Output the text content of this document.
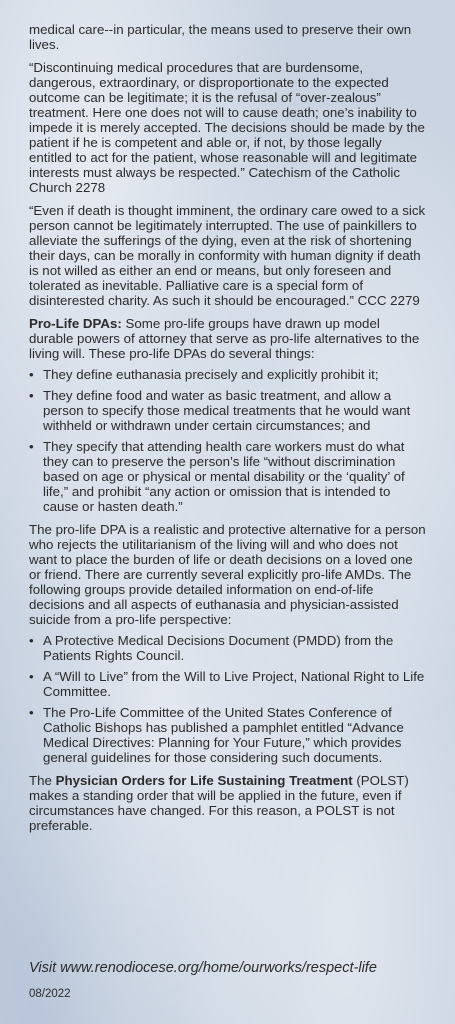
medical care--in particular, the means used to preserve their own lives.

“Discontinuing medical procedures that are burdensome, dangerous, extraordinary, or disproportionate to the expected outcome can be legitimate; it is the refusal of “over-zealous” treatment. Here one does not will to cause death; one’s inability to impede it is merely accepted. The decisions should be made by the patient if he is competent and able or, if not, by those legally entitled to act for the patient, whose reasonable will and legitimate interests must always be respected.” Catechism of the Catholic Church 2278

“Even if death is thought imminent, the ordinary care owed to a sick person cannot be legitimately interrupted. The use of painkillers to alleviate the sufferings of the dying, even at the risk of shortening their days, can be morally in conformity with human dignity if death is not willed as either an end or means, but only foreseen and tolerated as inevitable. Palliative care is a special form of disinterested charity. As such it should be encouraged.” CCC 2279

Pro-Life DPAs: Some pro-life groups have drawn up model durable powers of attorney that serve as pro-life alternatives to the living will. These pro-life DPAs do several things:

• They define euthanasia precisely and explicitly prohibit it;
• They define food and water as basic treatment, and allow a person to specify those medical treatments that he would want withheld or withdrawn under certain circumstances; and
• They specify that attending health care workers must do what they can to preserve the person’s life “without discrimination based on age or physical or mental disability or the ‘quality’ of life,” and prohibit “any action or omission that is intended to cause or hasten death.”

The pro-life DPA is a realistic and protective alternative for a person who rejects the utilitarianism of the living will and who does not want to place the burden of life or death decisions on a loved one or friend. There are currently several explicitly pro-life AMDs. The following groups provide detailed information on end-of-life decisions and all aspects of euthanasia and physician-assisted suicide from a pro-life perspective:

• A Protective Medical Decisions Document (PMDD) from the Patients Rights Council.
• A “Will to Live” from the Will to Live Project, National Right to Life Committee.
• The Pro-Life Committee of the United States Conference of Catholic Bishops has published a pamphlet entitled “Advance Medical Directives: Planning for Your Future,” which provides general guidelines for those considering such documents.

The Physician Orders for Life Sustaining Treatment (POLST) makes a standing order that will be applied in the future, even if circumstances have changed. For this reason, a POLST is not preferable.

Visit www.renodiocese.org/home/ourworks/respect-life
08/2022
